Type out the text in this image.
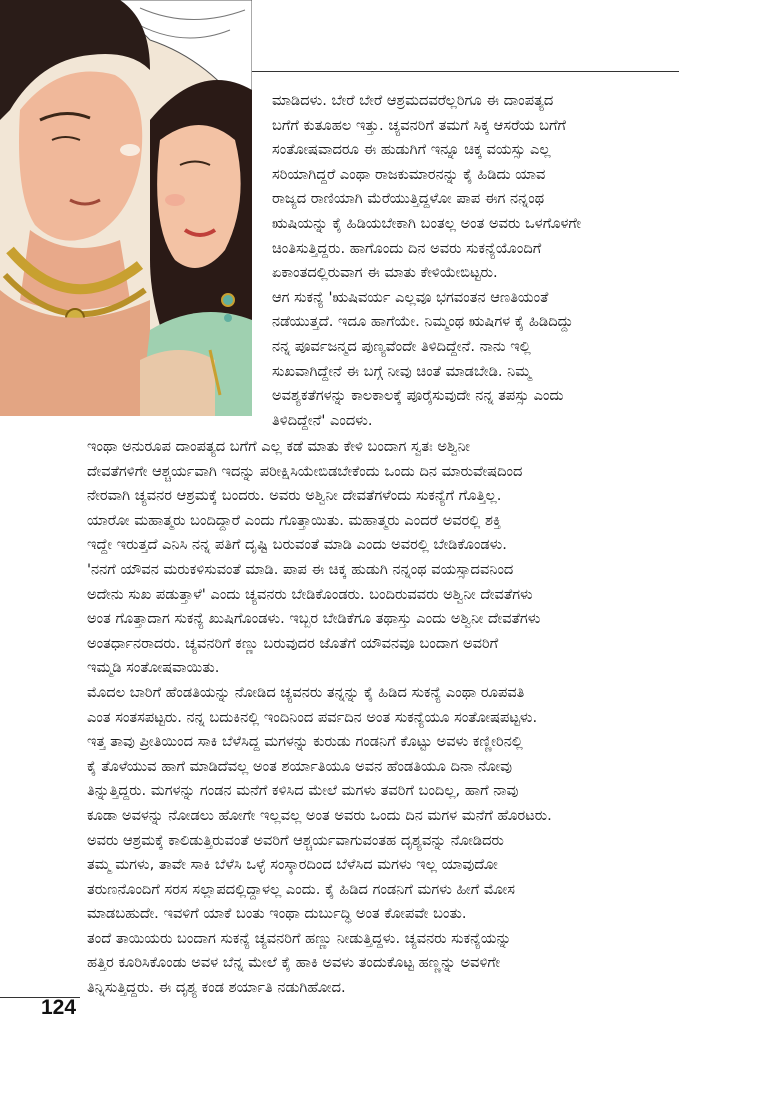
ಮಾಡಿದಳು. ಬೇರೆ ಬೇರೆ ಆಶ್ರಮದವರೆಲ್ಲರಿಗೂ ಈ ದಾಂಪತ್ಯದ

ಬಗೆಗೆ ಕುತೂಹಲ ಇತ್ತು. ಚ್ಯವನರಿಗೆ ತಮಗೆ ಸಿಕ್ಕ ಆಸರೆಯ ಬಗೆಗೆ

ಸಂತೋಷವಾದರೂ ಈ ಹುಡುಗಿಗೆ ಇನ್ನೂ ಚಿಕ್ಕ ವಯಸ್ಸು ಎಲ್ಲ

ಸರಿಯಾಗಿದ್ದರೆ ಎಂಥಾ ರಾಜಕುಮಾರನನ್ನು ಕೈ ಹಿಡಿದು ಯಾವ

ರಾಜ್ಯದ ರಾಣಿಯಾಗಿ ಮೆರೆಯುತ್ತಿದ್ದಳೋ ಪಾಪ ಈಗ ನನ್ನಂಥ

ಋಷಿಯನ್ನು ಕೈ ಹಿಡಿಯಬೇಕಾಗಿ ಬಂತಲ್ಲ ಅಂತ ಅವರು ಒಳಗೊಳಗೇ

ಚಿಂತಿಸುತ್ತಿದ್ದರು. ಹಾಗೊಂದು ದಿನ ಅವರು ಸುಕನ್ಯೆಯೊಂದಿಗೆ

ಏಕಾಂತದಲ್ಲಿರುವಾಗ ಈ ಮಾತು ಕೇಳಿಯೇಬಿಟ್ಟರು.

ಆಗ ಸುಕನ್ಯೆ 'ಋಷಿವರ್ಯ ಎಲ್ಲವೂ ಭಗವಂತನ ಆಣತಿಯಂತೆ

ನಡೆಯುತ್ತದೆ. ಇದೂ ಹಾಗೆಯೇ. ನಿಮ್ಮಂಥ ಋಷಿಗಳ ಕೈ ಹಿಡಿದಿದ್ದು

ನನ್ನ ಪೂರ್ವಜನ್ಮದ ಪುಣ್ಯವೆಂದೇ ತಿಳಿದಿದ್ದೇನೆ. ನಾನು ಇಲ್ಲಿ

ಸುಖವಾಗಿದ್ದೇನೆ ಈ ಬಗ್ಗೆ ನೀವು ಚಿಂತೆ ಮಾಡಬೇಡಿ. ನಿಮ್ಮ

ಅವಶ್ಯಕತೆಗಳನ್ನು ಕಾಲಕಾಲಕ್ಕೆ ಪೂರೈಸುವುದೇ ನನ್ನ ತಪಸ್ಸು ಎಂದು

ತಿಳಿದಿದ್ದೇನೆ' ಎಂದಳು.

ಇಂಥಾ ಅನುರೂಪ ದಾಂಪತ್ಯದ ಬಗೆಗೆ ಎಲ್ಲ ಕಡೆ ಮಾತು ಕೇಳಿ ಬಂದಾಗ ಸ್ವತಃ ಅಶ್ವಿನೀ

ದೇವತೆಗಳಿಗೇ ಆಶ್ಚರ್ಯವಾಗಿ ಇದನ್ನು ಪರೀಕ್ಷಿಸಿಯೇಬಿಡಬೇಕೆಂದು ಒಂದು ದಿನ ಮಾರುವೇಷದಿಂದ

ನೇರವಾಗಿ ಚ್ಯವನರ ಆಶ್ರಮಕ್ಕೆ ಬಂದರು. ಅವರು ಅಶ್ವಿನೀ ದೇವತೆಗಳೆಂದು ಸುಕನ್ಯೆಗೆ ಗೊತ್ತಿಲ್ಲ.

ಯಾರೋ ಮಹಾತ್ಮರು ಬಂದಿದ್ದಾರೆ ಎಂದು ಗೊತ್ತಾಯಿತು. ಮಹಾತ್ಮರು ಎಂದರೆ ಅವರಲ್ಲಿ ಶಕ್ತಿ

ಇದ್ದೇ ಇರುತ್ತದೆ ಎನಿಸಿ ನನ್ನ ಪತಿಗೆ ದೃಷ್ಟಿ ಬರುವಂತೆ ಮಾಡಿ ಎಂದು ಅವರಲ್ಲಿ ಬೇಡಿಕೊಂಡಳು.

'ನನಗೆ ಯೌವನ ಮರುಕಳಿಸುವಂತೆ ಮಾಡಿ. ಪಾಪ ಈ ಚಿಕ್ಕ ಹುಡುಗಿ ನನ್ನಂಥ ವಯಸ್ಸಾದವನಿಂದ

ಅದೇನು ಸುಖ ಪಡುತ್ತಾಳೆ' ಎಂದು ಚ್ಯವನರು ಬೇಡಿಕೊಂಡರು. ಬಂದಿರುವವರು ಅಶ್ವಿನೀ ದೇವತೆಗಳು

ಅಂತ ಗೊತ್ತಾದಾಗ ಸುಕನ್ಯೆ ಖುಷಿಗೊಂಡಳು. ಇಬ್ಬರ ಬೇಡಿಕೆಗೂ ತಥಾಸ್ತು ಎಂದು ಅಶ್ವಿನೀ ದೇವತೆಗಳು

ಅಂತರ್ಧಾನರಾದರು. ಚ್ಯವನರಿಗೆ ಕಣ್ಣು ಬರುವುದರ ಜೊತೆಗೆ ಯೌವನವೂ ಬಂದಾಗ ಅವರಿಗೆ

ಇಮ್ಮಡಿ ಸಂತೋಷವಾಯಿತು.

ಮೊದಲ ಬಾರಿಗೆ ಹೆಂಡತಿಯನ್ನು ನೋಡಿದ ಚ್ಯವನರು ತನ್ನನ್ನು ಕೈ ಹಿಡಿದ ಸುಕನ್ಯೆ ಎಂಥಾ ರೂಪವತಿ

ಎಂತ ಸಂತಸಪಟ್ಟರು. ನನ್ನ ಬದುಕಿನಲ್ಲಿ ಇಂದಿನಿಂದ ಪರ್ವದಿನ ಅಂತ ಸುಕನ್ಯೆಯೂ ಸಂತೋಷಪಟ್ಟಳು.

ಇತ್ತ ತಾವು ಪ್ರೀತಿಯಿಂದ ಸಾಕಿ ಬೆಳೆಸಿದ್ದ ಮಗಳನ್ನು ಕುರುಡು ಗಂಡನಿಗೆ ಕೊಟ್ಟು ಅವಳು ಕಣ್ಣೀರಿನಲ್ಲಿ

ಕೈ ತೊಳೆಯುವ ಹಾಗೆ ಮಾಡಿದೆವಲ್ಲ ಅಂತ ಶರ್ಯಾತಿಯೂ ಅವನ ಹೆಂಡತಿಯೂ ದಿನಾ ನೋವು

ತಿನ್ನುತ್ತಿದ್ದರು. ಮಗಳನ್ನು ಗಂಡನ ಮನೆಗೆ ಕಳಿಸಿದ ಮೇಲೆ ಮಗಳು ತವರಿಗೆ ಬಂದಿಲ್ಲ, ಹಾಗೆ ನಾವು

ಕೂಡಾ ಅವಳನ್ನು ನೋಡಲು ಹೋಗೇ ಇಲ್ಲವಲ್ಲ ಅಂತ ಅವರು ಒಂದು ದಿನ ಮಗಳ ಮನೆಗೆ ಹೊರಟರು.

ಅವರು ಆಶ್ರಮಕ್ಕೆ ಕಾಲಿಡುತ್ತಿರುವಂತೆ ಅವರಿಗೆ ಆಶ್ಚರ್ಯವಾಗುವಂತಹ ದೃಶ್ಯವನ್ನು ನೋಡಿದರು

ತಮ್ಮ ಮಗಳು, ತಾವೇ ಸಾಕಿ ಬೆಳೆಸಿ ಒಳ್ಳೆ ಸಂಸ್ಕಾರದಿಂದ ಬೆಳೆಸಿದ ಮಗಳು ಇಲ್ಲ ಯಾವುದೋ

ತರುಣನೊಂದಿಗೆ ಸರಸ ಸಲ್ಲಾಪದಲ್ಲಿದ್ದಾಳಲ್ಲ ಎಂದು. ಕೈ ಹಿಡಿದ ಗಂಡನಿಗೆ ಮಗಳು ಹೀಗೆ ಮೋಸ

ಮಾಡಬಹುದೇ. ಇವಳಿಗೆ ಯಾಕೆ ಬಂತು ಇಂಥಾ ದುರ್ಬುದ್ಧಿ ಅಂತ ಕೋಪವೇ ಬಂತು.

ತಂದೆ ತಾಯಿಯರು ಬಂದಾಗ ಸುಕನ್ಯೆ ಚ್ಯವನರಿಗೆ ಹಣ್ಣು ನೀಡುತ್ತಿದ್ದಳು. ಚ್ಯವನರು ಸುಕನ್ಯೆಯನ್ನು

ಹತ್ತಿರ ಕೂರಿಸಿಕೊಂಡು ಅವಳ ಬೆನ್ನ ಮೇಲೆ ಕೈ ಹಾಕಿ ಅವಳು ತಂದುಕೊಟ್ಟ ಹಣ್ಣನ್ನು ಅವಳಿಗೇ

ತಿನ್ನಿಸುತ್ತಿದ್ದರು. ಈ ದೃಶ್ಯ ಕಂಡ ಶರ್ಯಾತಿ ನಡುಗಿಹೋದ.

124
